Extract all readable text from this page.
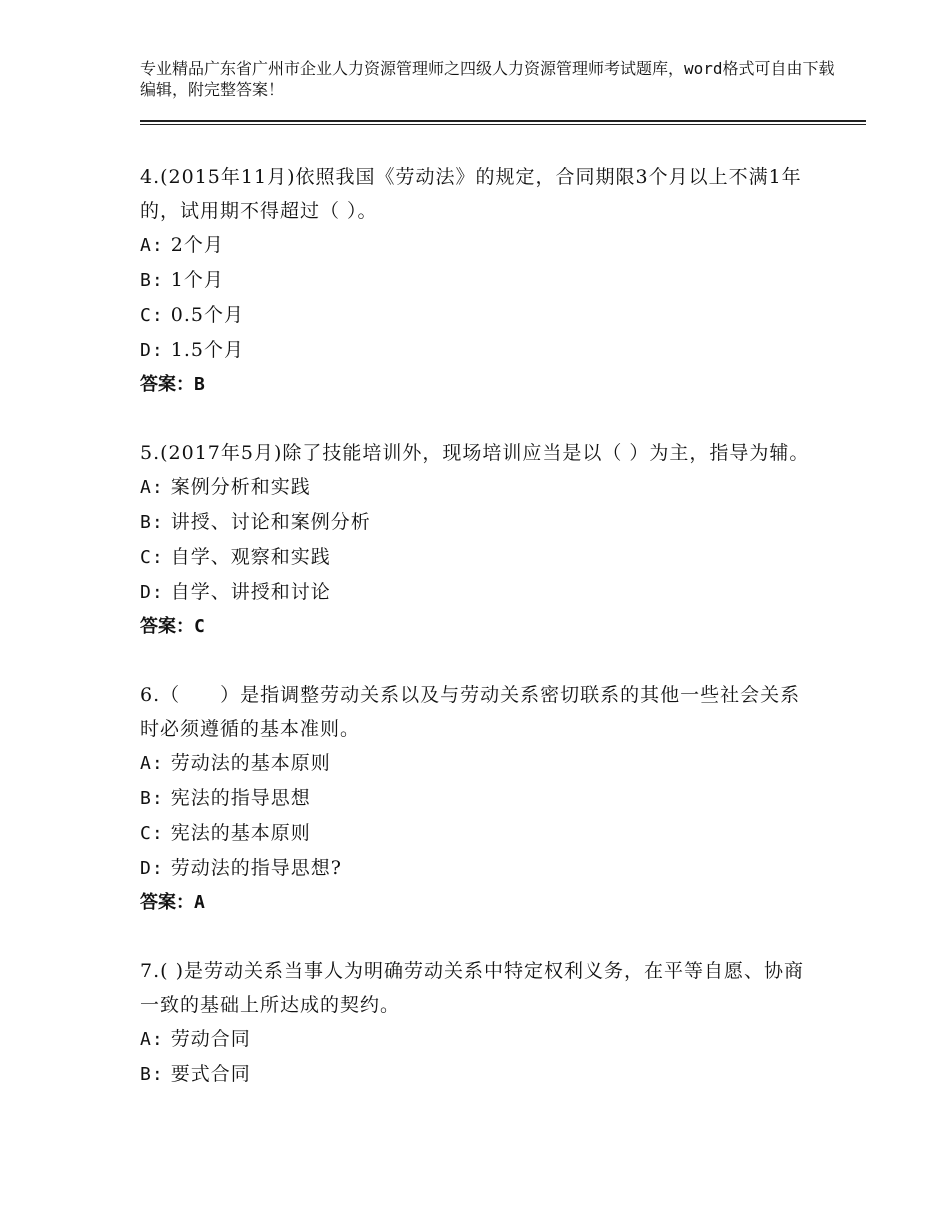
专业精品广东省广州市企业人力资源管理师之四级人力资源管理师考试题库，word格式可自由下载编辑，附完整答案！
4.(2015年11月)依照我国《劳动法》的规定，合同期限3个月以上不满1年的，试用期不得超过（ ）。
A: 2个月
B: 1个月
C: 0.5个月
D: 1.5个月
答案：B
5.(2017年5月)除了技能培训外，现场培训应当是以（ ）为主，指导为辅。
A: 案例分析和实践
B: 讲授、讨论和案例分析
C: 自学、观察和实践
D: 自学、讲授和讨论
答案：C
6.（　　）是指调整劳动关系以及与劳动关系密切联系的其他一些社会关系时必须遵循的基本准则。
A: 劳动法的基本原则
B: 宪法的指导思想
C: 宪法的基本原则
D: 劳动法的指导思想?
答案：A
7.( )是劳动关系当事人为明确劳动关系中特定权利义务，在平等自愿、协商一致的基础上所达成的契约。
A: 劳动合同
B: 要式合同
